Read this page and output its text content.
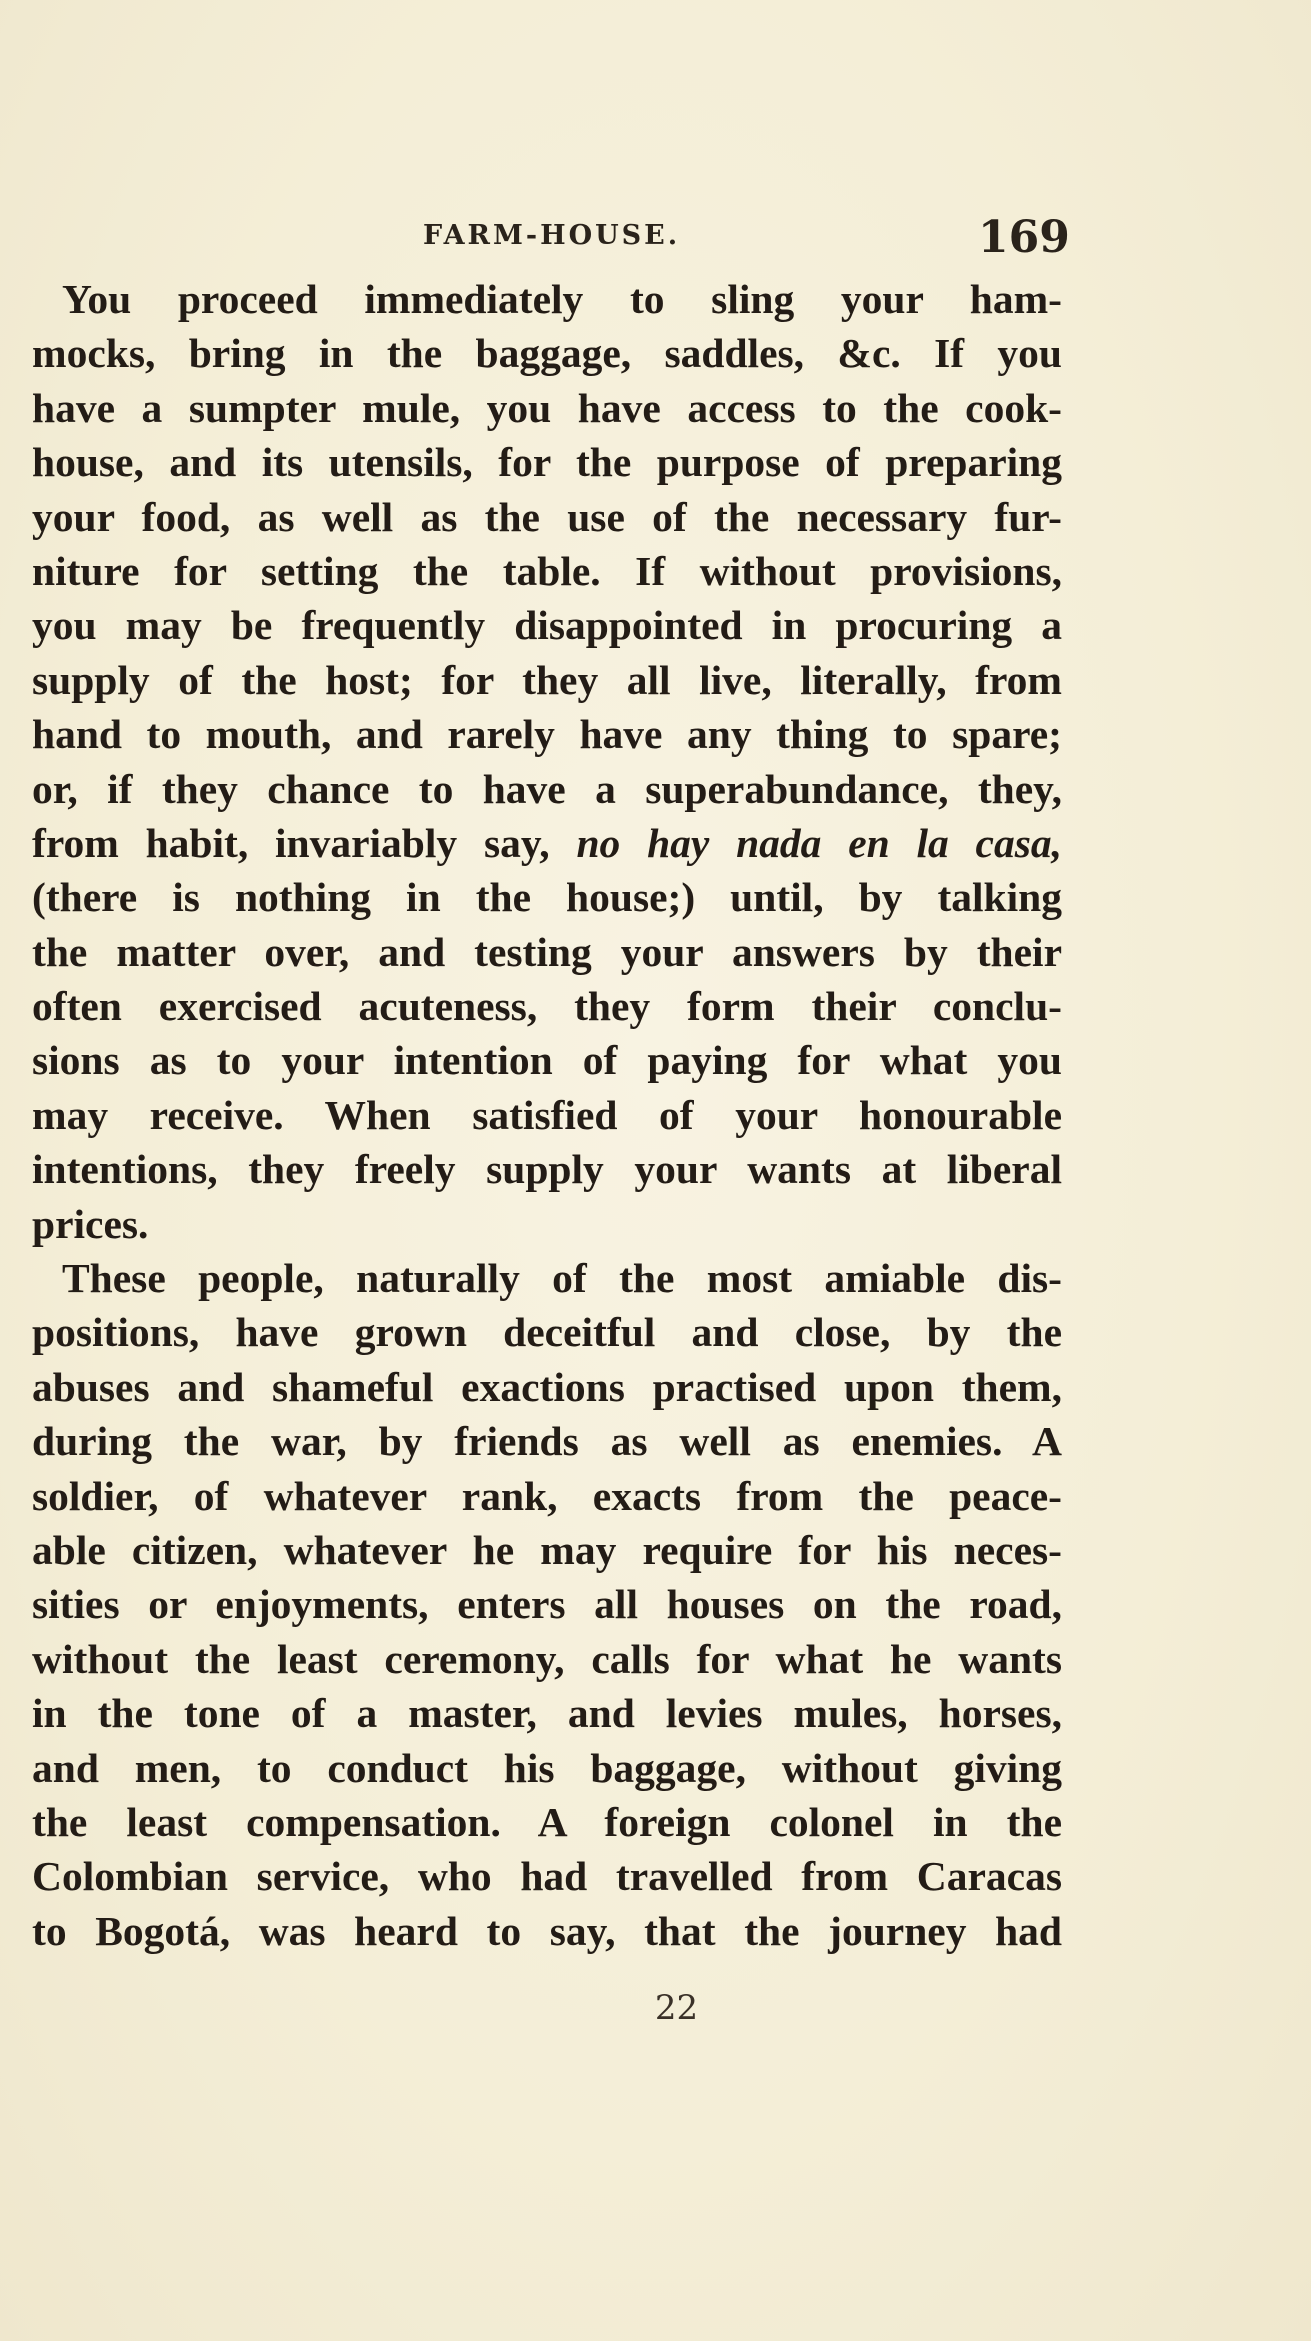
FARM-HOUSE.	169
You proceed immediately to sling your ham-
mocks, bring in the baggage, saddles, &c. If you
have a sumpter mule, you have access to the cook-
house, and its utensils, for the purpose of preparing
your food, as well as the use of the necessary fur-
niture for setting the table. If without provisions,
you may be frequently disappointed in procuring a
supply of the host; for they all live, literally, from
hand to mouth, and rarely have any thing to spare;
or, if they chance to have a superabundance, they,
from habit, invariably say, no hay nada en la casa,
(there is nothing in the house;) until, by talking
the matter over, and testing your answers by their
often exercised acuteness, they form their conclu-
sions as to your intention of paying for what you
may receive. When satisfied of your honourable
intentions, they freely supply your wants at liberal
prices.
These people, naturally of the most amiable dis-
positions, have grown deceitful and close, by the
abuses and shameful exactions practised upon them,
during the war, by friends as well as enemies. A
soldier, of whatever rank, exacts from the peace-
able citizen, whatever he may require for his neces-
sities or enjoyments, enters all houses on the road,
without the least ceremony, calls for what he wants
in the tone of a master, and levies mules, horses,
and men, to conduct his baggage, without giving
the least compensation. A foreign colonel in the
Colombian service, who had travelled from Caracas
to Bogotá, was heard to say, that the journey had
22
